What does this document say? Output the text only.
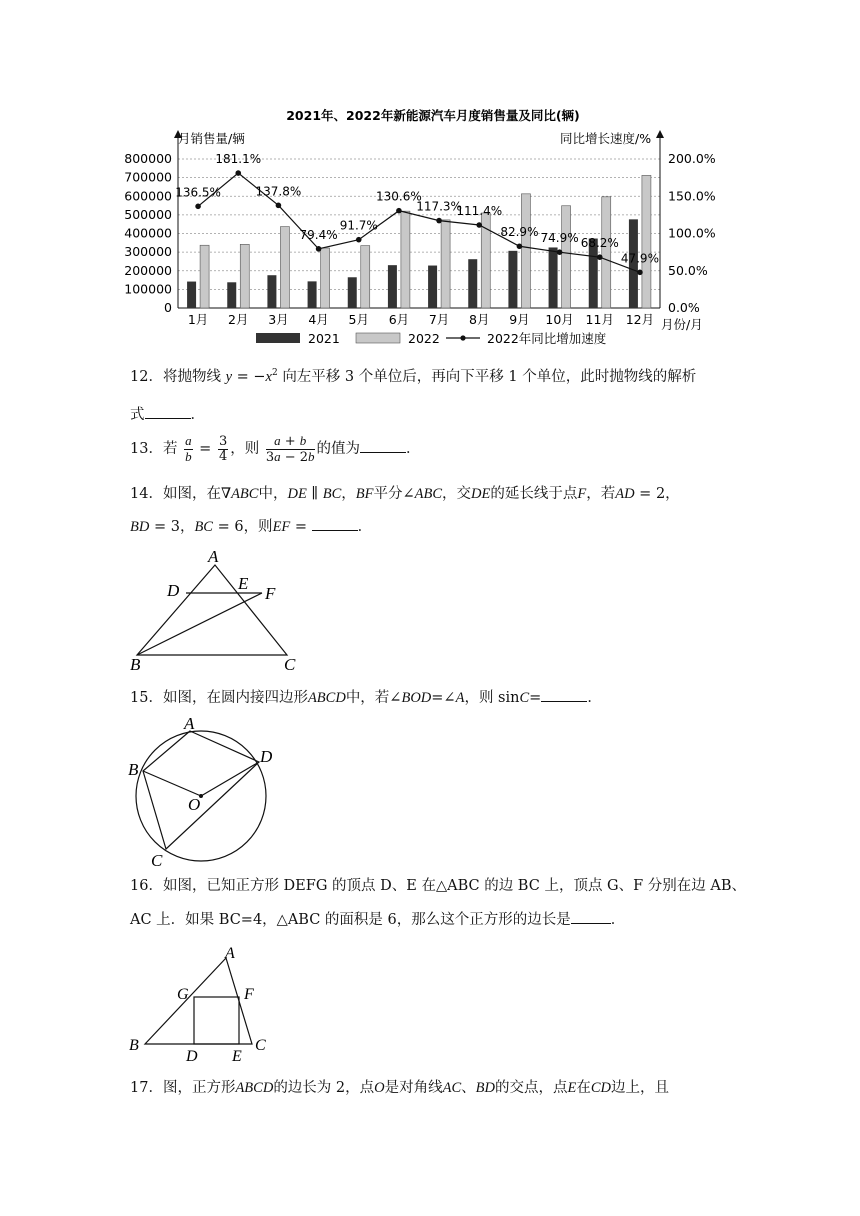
0
100000
200000
300000
400000
500000
600000
700000
800000
0.0%
50.0%
100.0%
150.0%
200.0%
1月 2月 3月 4月 5月 6月 7月 8月 9月 10月 11月 12月
136.5%
181.1%
137.8%
79.4%
91.7%
130.6%
117.3%
111.4%
82.9% 74.9% 68.2%
47.9%
2021	2022	2022年同比增加速度
2021年、2022年新能源汽车月度销售量及同比(辆)
月销售量/辆	同比增长速度/%
月份/月
12．将抛物线 $y = -x^2$ 向左平移 3 个单位后，再向下平移 1 个单位，此时抛物线的解析
式	．
13．若 $\frac{a}{b} = \frac{3}{4}$ ，则 $\frac{a + b}{3a - 2b}$ 的值为	．
14．如图，在∇ABC中，DE ∥ BC，BF平分∠ABC，交DE的延长线于点F，若AD = 2，
BD = 3，BC = 6，则EF =	．
A
D	E
F
B	C
15．如图，在圆内接四边形ABCD中，若∠BOD=∠A，则 sinC=	．
A
B
D
O
C
16．如图，已知正方形 DEFG 的顶点 D、E 在△ABC 的边 BC 上，顶点 G、F 分别在边 AB、
AC 上．如果 BC=4，△ABC 的面积是 6，那么这个正方形的边长是	．
A
G	F
B
D E
C
17．图，正方形ABCD的边长为 2，点O是对角线AC、BD的交点，点E在CD边上，且
